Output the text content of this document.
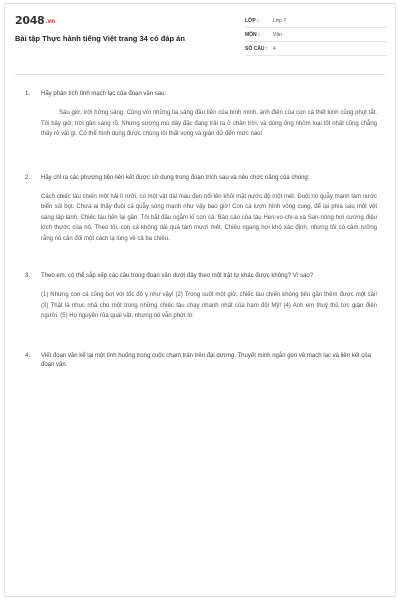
2048.vn
Bài tập Thực hành tiếng Việt trang 34 có đáp án
LỚP :	Lớp 7
MÔN :	Văn
SỐ CÂU :	4
1.	Hãy phân tích tính mạch lạc của đoạn văn sau:
Sáu giờ, trời hửng sáng. Cùng với những tia sáng đầu tiên của bình minh, ánh điện của con cá thết kinh cũng phụt tắt. Tôi bây giờ; trời gần sáng rõ. Nhưng sương mù dày đặc đang trải ra ở chân trời, và dùng ống nhòm loại tốt nhất cũng chẳng thấy rõ vật gì. Có thể hình dung được chúng tôi thất vọng và giận dữ đến mức nào!
2.	Hãy chỉ ra các phương tiện liên kết được sử dụng trong đoạn trích sau và nêu chức năng của chúng:
Cách chiếc tàu chiến một hải lí rưỡi, có một vật dài màu đen nổi lên khỏi mặt nước độ một mét. Đuôi nó quẫy mạnh làm nước biển sủi bọt. Chưa ai thấy đuôi cá quẫy sóng mạnh như vậy bao giờ! Con cá lượn hình vòng cung, để lại phía sau một vệt sáng lấp lánh. Chiếc tàu tiến lại gần. Tôi bắt đầu ngắm kĩ con cá. Báo cáo của tàu Hen-vo-chi-a và San-nông hơi cường điệu kích thước của nó. Theo tôi, con cá không dài quá tám mươi mét. Chiều ngang hơi khó xác định, nhưng tôi có cảm tưởng rằng nó cân đối một cách lạ lùng về cả ba chiều.
3.	Theo em, có thể sắp xếp các câu trong đoạn văn dưới đây theo một trật tự khác được không? Vì sao?
(1) Nhưng con cá cũng bơi với tốc độ y như vậy! (2) Trong suốt một giờ, chiếc tàu chiến không tiến gần thêm được một sải! (3) Thật là nhục nhã cho một trong những chiếc tàu chạy nhanh nhất của hạm đội Mỹ! (4) Anh em thuỷ thủ tức giận điên người. (5) Họ nguyền rủa quái vật, nhưng nó vẫn phớt lờ.
4.	Viết đoạn văn kể lại một tình huống trong cuộc chạm trán trên đại dương. Thuyết minh ngắn gọn về mạch lạc và liên kết của đoạn văn.
